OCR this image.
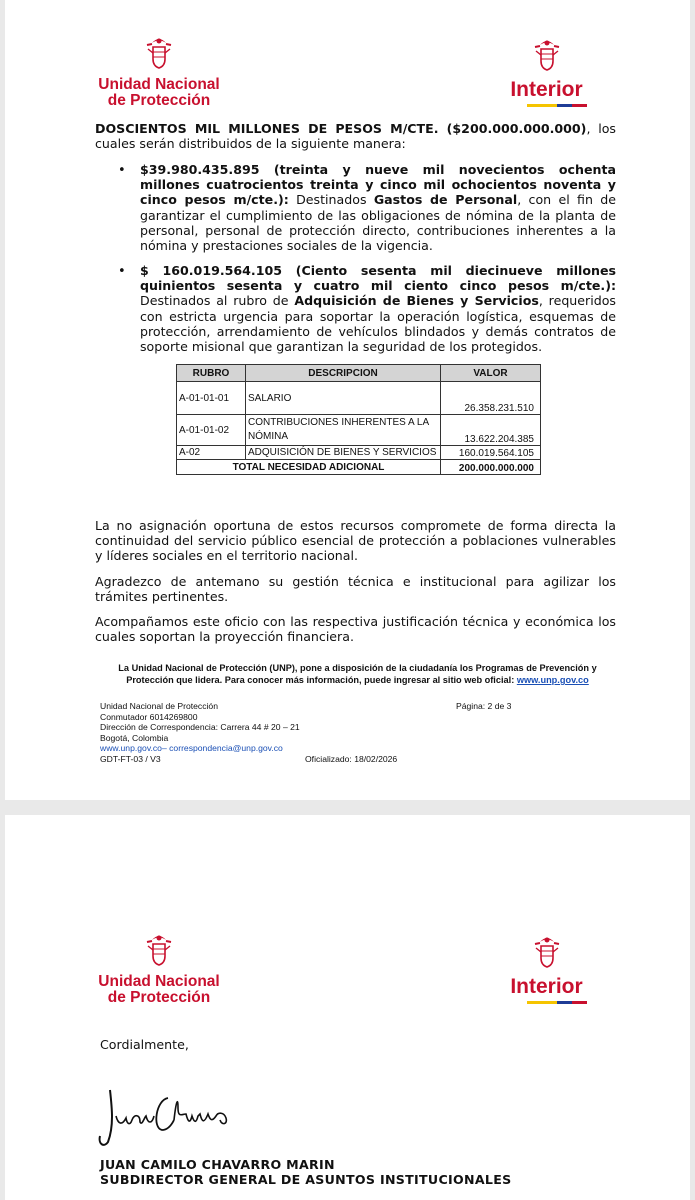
Unidad Nacional
de Protección	Interior

DOSCIENTOS MIL MILLONES DE PESOS M/CTE. ($200.000.000.000), los cuales serán distribuidos de la siguiente manera:

• $39.980.435.895 (treinta y nueve mil novecientos ochenta millones cuatrocientos treinta y cinco mil ochocientos noventa y cinco pesos m/cte.): Destinados Gastos de Personal, con el fin de garantizar el cumplimiento de las obligaciones de nómina de la planta de personal, personal de protección directo, contribuciones inherentes a la nómina y prestaciones sociales de la vigencia.

• $ 160.019.564.105 (Ciento sesenta mil diecinueve millones quinientos sesenta y cuatro mil ciento cinco pesos m/cte.): Destinados al rubro de Adquisición de Bienes y Servicios, requeridos con estricta urgencia para soportar la operación logística, esquemas de protección, arrendamiento de vehículos blindados y demás contratos de soporte misional que garantizan la seguridad de los protegidos.

RUBRO	DESCRIPCION	VALOR
A-01-01-01	SALARIO	26.358.231.510
A-01-01-02	CONTRIBUCIONES INHERENTES A LA NÓMINA	13.622.204.385
A-02	ADQUISICIÓN DE BIENES Y SERVICIOS	160.019.564.105
TOTAL NECESIDAD ADICIONAL		200.000.000.000

La no asignación oportuna de estos recursos compromete de forma directa la continuidad del servicio público esencial de protección a poblaciones vulnerables y líderes sociales en el territorio nacional.

Agradezco de antemano su gestión técnica e institucional para agilizar los trámites pertinentes.

Acompañamos este oficio con las respectiva justificación técnica y económica los cuales soportan la proyección financiera.

La Unidad Nacional de Protección (UNP), pone a disposición de la ciudadanía los Programas de Prevención y Protección que lidera. Para conocer más información, puede ingresar al sitio web oficial: www.unp.gov.co
Unidad Nacional de Protección
Conmutador 6014269800
Dirección de Correspondencia: Carrera 44 # 20 – 21
Bogotá, Colombia
www.unp.gov.co– correspondencia@unp.gov.co
GDT-FT-03 / V3
Página: 2 de 3
Oficializado: 18/02/2026
Unidad Nacional
de Protección	Interior
Cordialmente,
JUAN CAMILO CHAVARRO MARIN
SUBDIRECTOR GENERAL DE ASUNTOS INSTITUCIONALES
